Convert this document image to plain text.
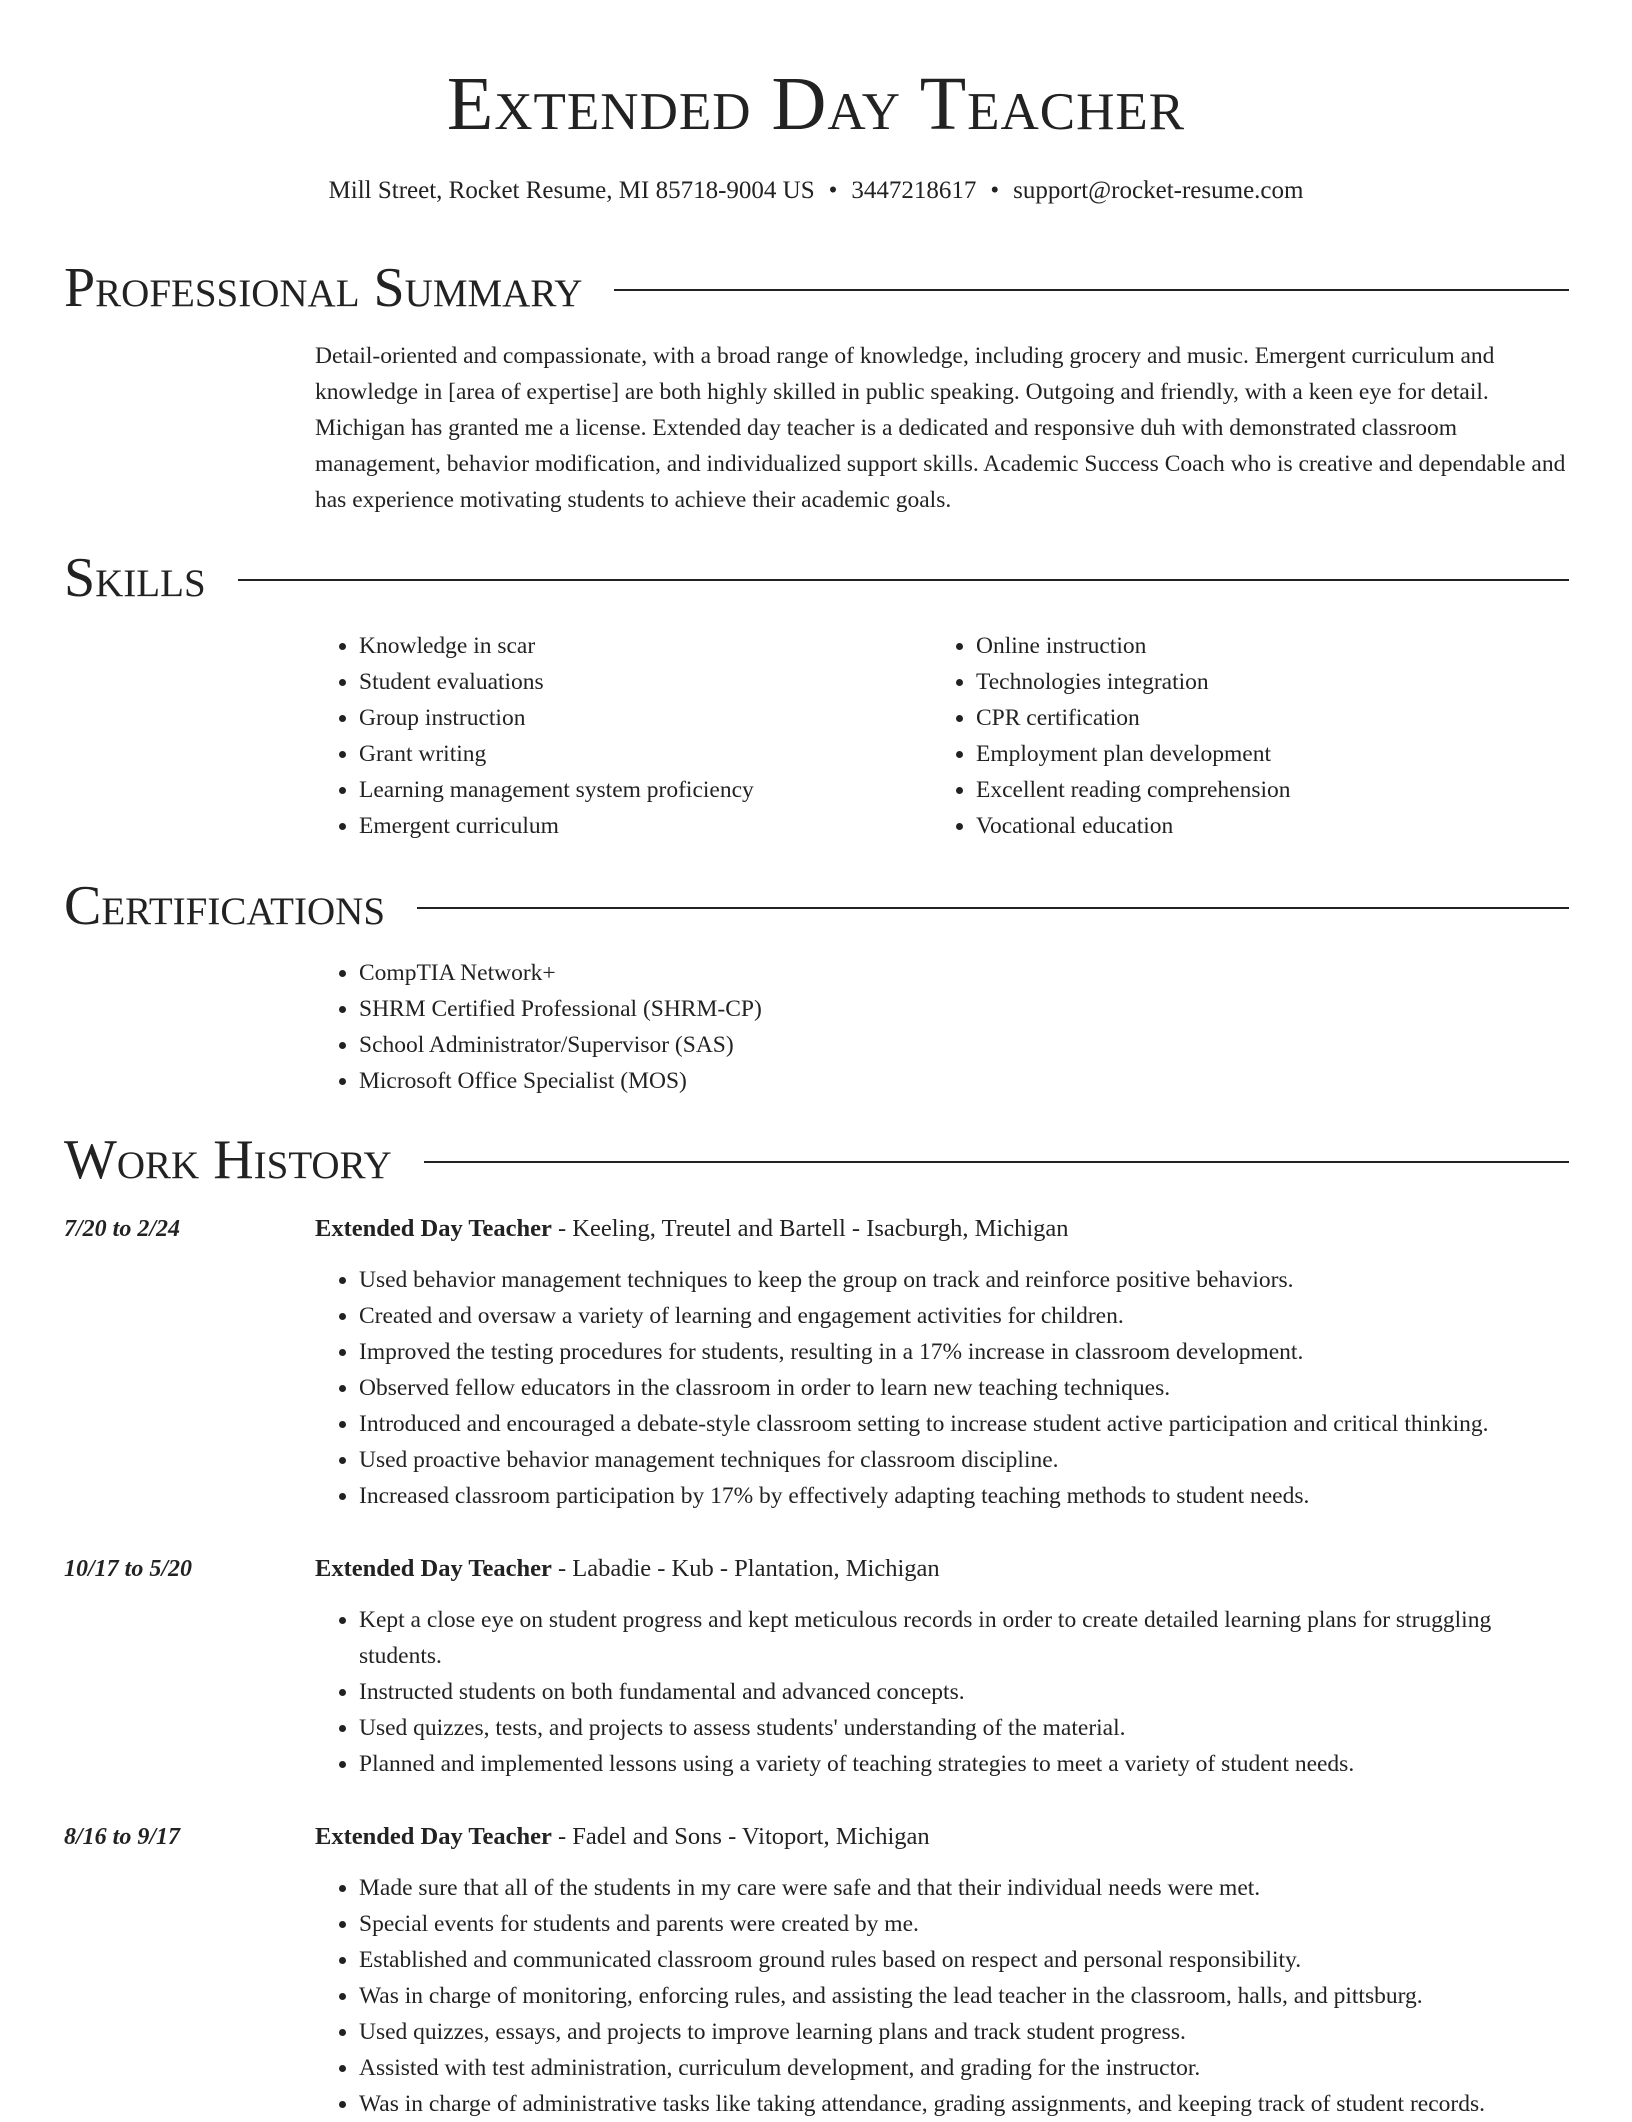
Extended Day Teacher
Mill Street, Rocket Resume, MI 85718-9004 US • 3447218617 • support@rocket-resume.com
Professional Summary

Detail-oriented and compassionate, with a broad range of knowledge, including grocery and music. Emergent curriculum and knowledge in [area of expertise] are both highly skilled in public speaking. Outgoing and friendly, with a keen eye for detail. Michigan has granted me a license. Extended day teacher is a dedicated and responsive duh with demonstrated classroom management, behavior modification, and individualized support skills. Academic Success Coach who is creative and dependable and has experience motivating students to achieve their academic goals.

Skills
• Knowledge in scar
• Student evaluations
• Group instruction
• Grant writing
• Learning management system proficiency
• Emergent curriculum
• Online instruction
• Technologies integration
• CPR certification
• Employment plan development
• Excellent reading comprehension
• Vocational education
Certifications
• CompTIA Network+
• SHRM Certified Professional (SHRM-CP)
• School Administrator/Supervisor (SAS)
• Microsoft Office Specialist (MOS)
Work History
7/20 to 2/24	Extended Day Teacher - Keeling, Treutel and Bartell - Isacburgh, Michigan
• Used behavior management techniques to keep the group on track and reinforce positive behaviors.
• Created and oversaw a variety of learning and engagement activities for children.
• Improved the testing procedures for students, resulting in a 17% increase in classroom development.
• Observed fellow educators in the classroom in order to learn new teaching techniques.
• Introduced and encouraged a debate-style classroom setting to increase student active participation and critical thinking.
• Used proactive behavior management techniques for classroom discipline.
• Increased classroom participation by 17% by effectively adapting teaching methods to student needs.
10/17 to 5/20	Extended Day Teacher - Labadie - Kub - Plantation, Michigan
• Kept a close eye on student progress and kept meticulous records in order to create detailed learning plans for struggling students.
• Instructed students on both fundamental and advanced concepts.
• Used quizzes, tests, and projects to assess students' understanding of the material.
• Planned and implemented lessons using a variety of teaching strategies to meet a variety of student needs.
8/16 to 9/17	Extended Day Teacher - Fadel and Sons - Vitoport, Michigan
• Made sure that all of the students in my care were safe and that their individual needs were met.
• Special events for students and parents were created by me.
• Established and communicated classroom ground rules based on respect and personal responsibility.
• Was in charge of monitoring, enforcing rules, and assisting the lead teacher in the classroom, halls, and pittsburg.
• Used quizzes, essays, and projects to improve learning plans and track student progress.
• Assisted with test administration, curriculum development, and grading for the instructor.
• Was in charge of administrative tasks like taking attendance, grading assignments, and keeping track of student records.
